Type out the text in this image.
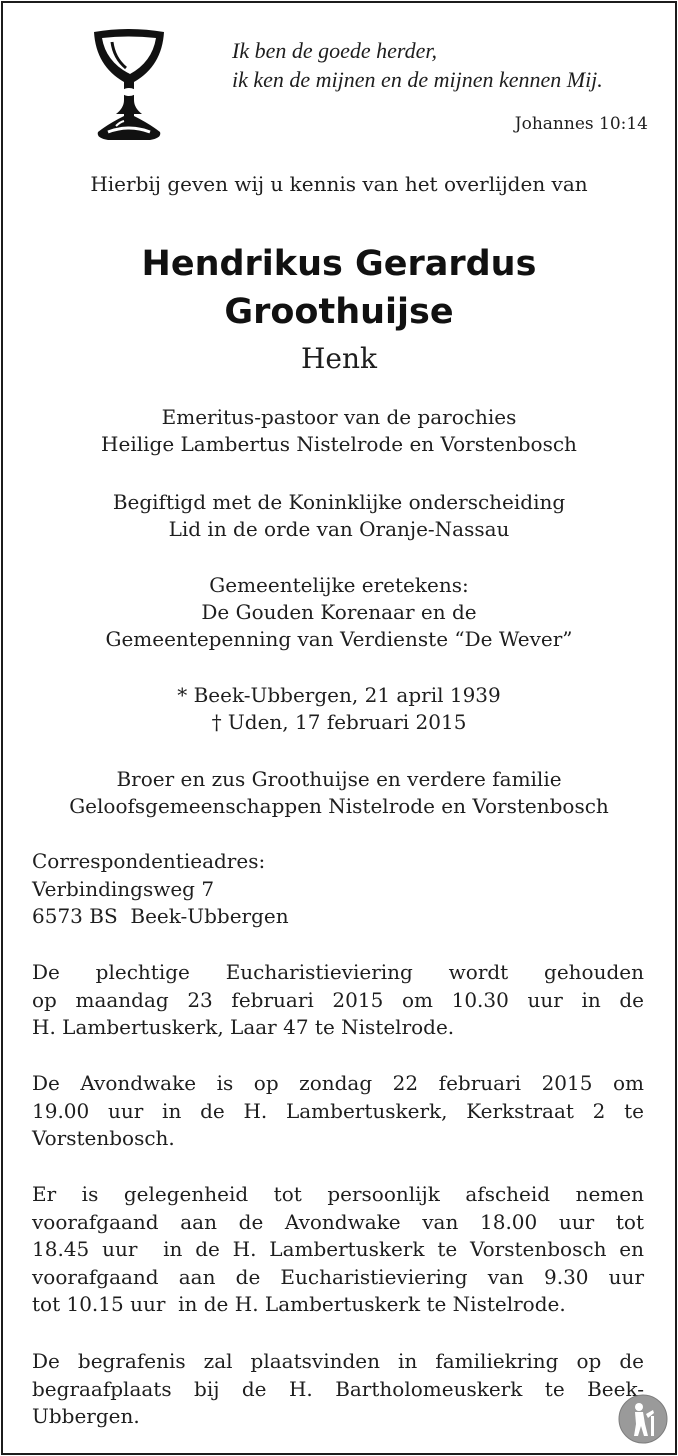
Ik ben de goede herder,
ik ken de mijnen en de mijnen kennen Mij.
Johannes 10:14
Hierbij geven wij u kennis van het overlijden van
Hendrikus Gerardus
Groothuijse
Henk
Emeritus-pastoor van de parochies
Heilige Lambertus Nistelrode en Vorstenbosch
Begiftigd met de Koninklijke onderscheiding
Lid in de orde van Oranje-Nassau
Gemeentelijke eretekens:
De Gouden Korenaar en de
Gemeentepenning van Verdienste “De Wever”
* Beek-Ubbergen, 21 april 1939
† Uden, 17 februari 2015
Broer en zus Groothuijse en verdere familie
Geloofsgemeenschappen Nistelrode en Vorstenbosch
Correspondentieadres:
Verbindingsweg 7
6573 BS  Beek-Ubbergen
De plechtige Eucharistieviering wordt gehouden
op maandag 23 februari 2015 om 10.30 uur in de
H. Lambertuskerk, Laar 47 te Nistelrode.
De Avondwake is op zondag 22 februari 2015 om
19.00 uur in de H. Lambertuskerk, Kerkstraat 2 te
Vorstenbosch.
Er is gelegenheid tot persoonlijk afscheid nemen
voorafgaand aan de Avondwake van 18.00 uur tot
18.45 uur  in de H. Lambertuskerk te Vorstenbosch en
voorafgaand aan de Eucharistieviering van 9.30 uur
tot 10.15 uur  in de H. Lambertuskerk te Nistelrode.
De begrafenis zal plaatsvinden in familiekring op de
begraafplaats bij de H. Bartholomeuskerk te Beek-
Ubbergen.
